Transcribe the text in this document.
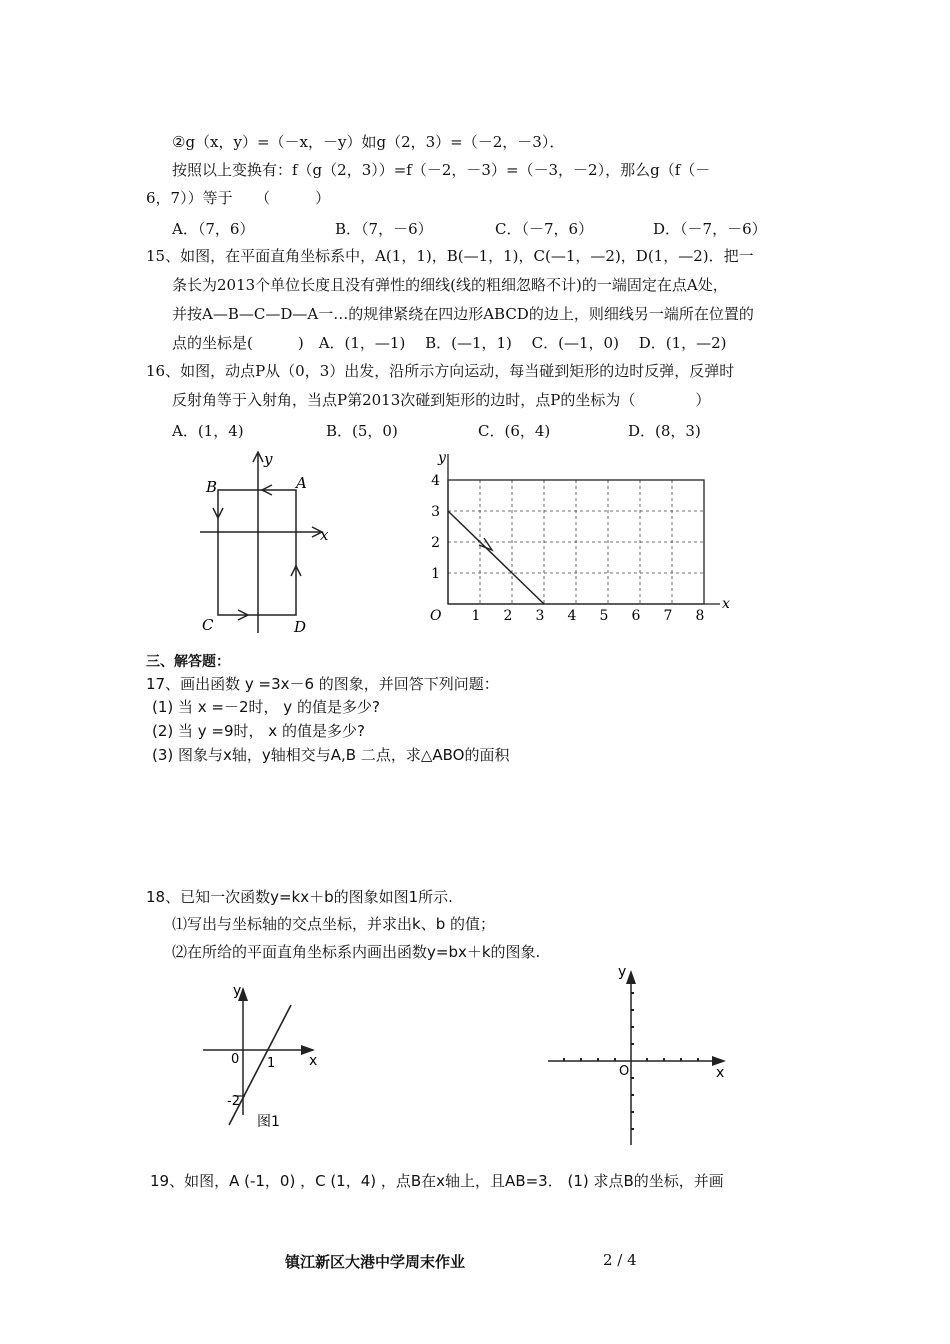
②g（x，y）=（－x，－y）如g（2，3）=（－2，－3）．
按照以上变换有：f（g（2，3））=f（－2，－3）=（－3，－2），那么g（f（－
6，7））等于　　（　　　）
A．（7，6）	B．（7，－6）	C．（－7，6）	D．（－7，－6）
15、如图，在平面直角坐标系中，A(1，1)，B(—1，1)，C(—1，—2)，D(1，—2)．把一
条长为2013个单位长度且没有弹性的细线(线的粗细忽略不计)的一端固定在点A处，
并按A—B—C—D—A一…的规律紧绕在四边形ABCD的边上，则细线另一端所在位置的
点的坐标是(　　　)　A．(1，—1)　 B．(—1，1)　 C．(—1，0)　 D．(1，—2)
16、如图，动点P从（0，3）出发，沿所示方向运动，每当碰到矩形的边时反弹，反弹时
反射角等于入射角，当点P第2013次碰到矩形的边时，点P的坐标为（　　　　）
A．(1，4)	B．(5，0)	C．(6，4)	D．(8，3)
A
B
C	D
x
y	y
x
O
1
2
3
4
1 2 3 4 5 6 7 8
三、解答题：
17、画出函数 y =3x－6 的图象，并回答下列问题：
(1) 当 x =－2时， y 的值是多少?
(2) 当 y =9时， x 的值是多少?
(3) 图象与x轴，y轴相交与A,B 二点，求△ABO的面积
18、已知一次函数y=kx＋b的图象如图1所示.
⑴写出与坐标轴的交点坐标，并求出k、b 的值；
⑵在所给的平面直角坐标系内画出函数y=bx＋k的图象.
y
x
0 1
-2
图1
y
x
O
19、如图，A (-1，0) ，C (1，4) ，点B在x轴上，且AB=3． (1) 求点B的坐标，并画
镇江新区大港中学周末作业	2 / 4
